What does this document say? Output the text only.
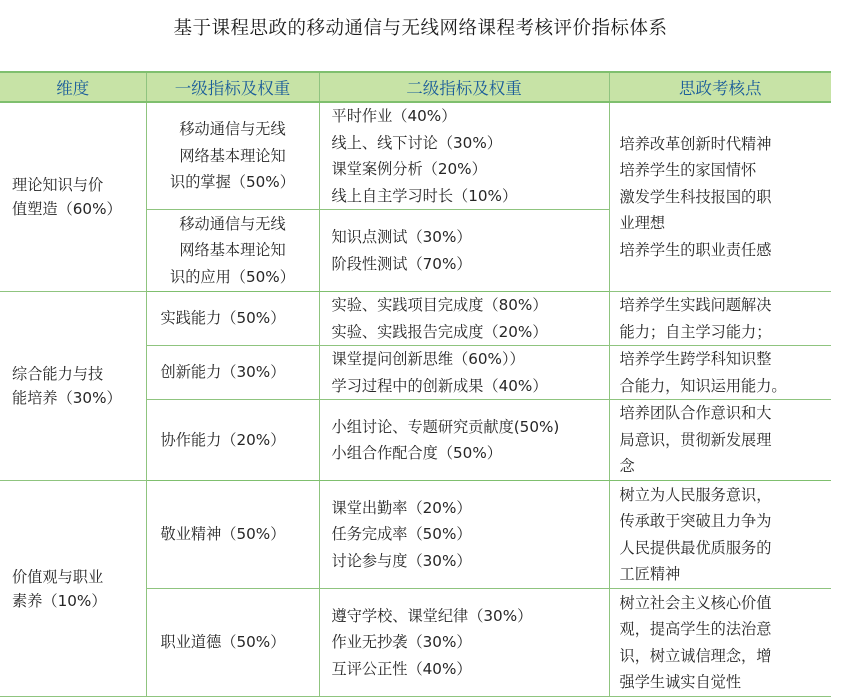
基于课程思政的移动通信与无线网络课程考核评价指标体系
维度	一级指标及权重	二级指标及权重	思政考核点

理论知识与价
值塑造（60%）	移动通信与无线
网络基本理论知
识的掌握（50%）	平时作业（40%）
线上、线下讨论（30%）
课堂案例分析（20%）
线上自主学习时长（10%）	培养改革创新时代精神
培养学生的家国情怀
激发学生科技报国的职
业理想
培养学生的职业责任感

	移动通信与无线
网络基本理论知
识的应用（50%）	知识点测试（30%）
阶段性测试（70%）	

综合能力与技
能培养（30%）	实践能力（50%）	实验、实践项目完成度（80%）
实验、实践报告完成度（20%）	培养学生实践问题解决
能力；自主学习能力；

	创新能力（30%）	课堂提问创新思维（60%））
学习过程中的创新成果（40%）	培养学生跨学科知识整
合能力，知识运用能力。

	协作能力（20%）	小组讨论、专题研究贡献度(50%)
小组合作配合度（50%）	培养团队合作意识和大
局意识，贯彻新发展理
念

价值观与职业
素养（10%）	敬业精神（50%）	课堂出勤率（20%）
任务完成率（50%）
讨论参与度（30%）	树立为人民服务意识，
传承敢于突破且力争为
人民提供最优质服务的
工匠精神

	职业道德（50%）	遵守学校、课堂纪律（30%）
作业无抄袭（30%）
互评公正性（40%）	树立社会主义核心价值
观，提高学生的法治意
识，树立诚信理念，增
强学生诚实自觉性
